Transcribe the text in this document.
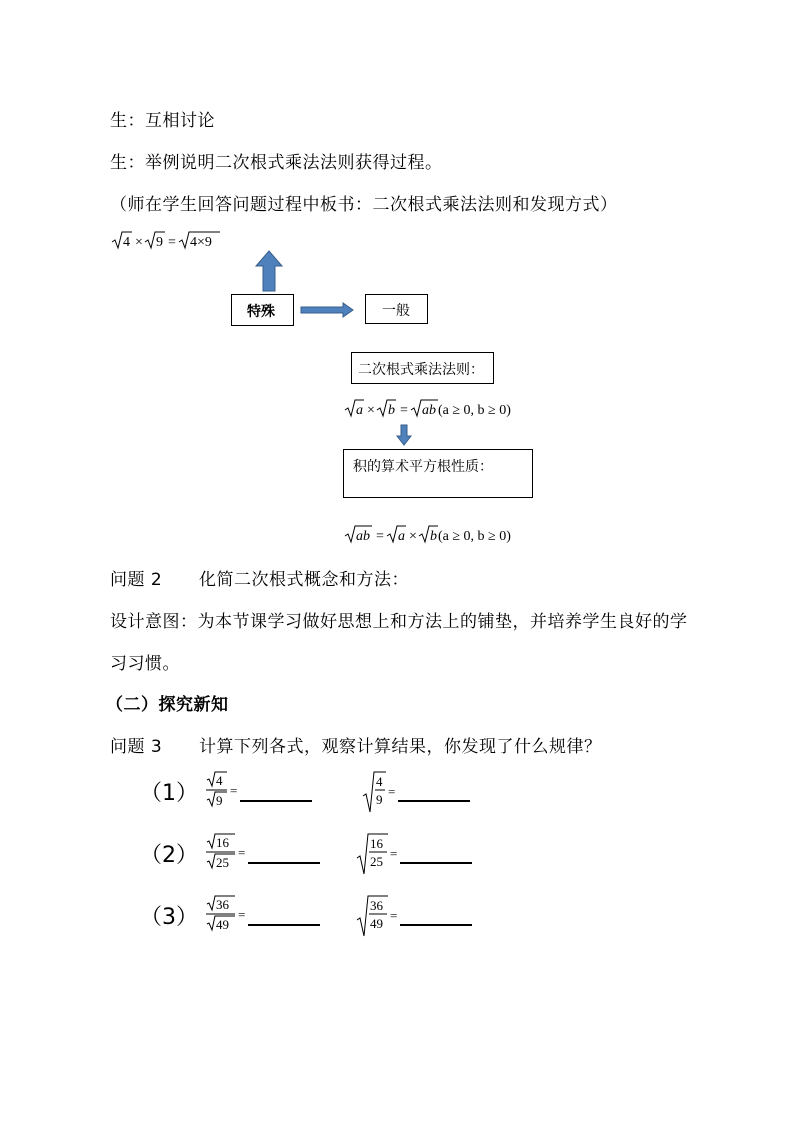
生：互相讨论
生：举例说明二次根式乘法法则获得过程。
（师在学生回答问题过程中板书：二次根式乘法法则和发现方式）
4 × 9 = 4×9
特殊	一般
二次根式乘法法则：
a × b = ab (a ≥ 0, b ≥ 0)
积的算术平方根性质：
ab = a × b (a ≥ 0, b ≥ 0)
问题 2 化简二次根式概念和方法：
设计意图：为本节课学习做好思想上和方法上的铺垫，并培养学生良好的学
习习惯。
（二）探究新知
问题 3 计算下列各式，观察计算结果，你发现了什么规律？
（1）
4
9
=
4
9
=
（2）
16
25
=
16
25
=
（3）
36
49
=
36
49
=
